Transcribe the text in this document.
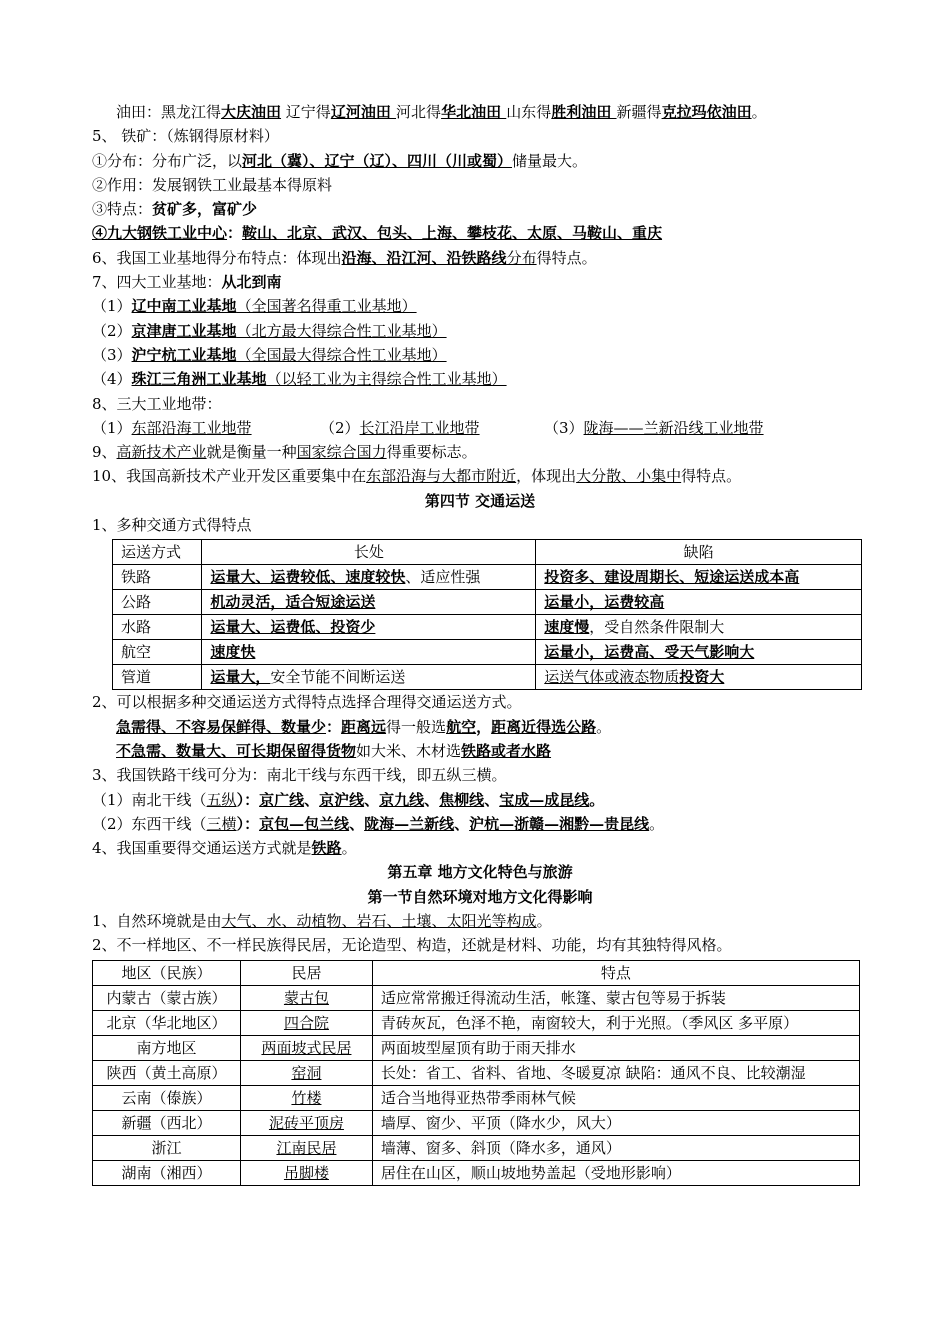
油田：黑龙江得大庆油田 辽宁得辽河油田 河北得华北油田 山东得胜利油田 新疆得克拉玛依油田。
5、 铁矿：（炼钢得原材料）
①分布：分布广泛，以河北（冀）、辽宁（辽）、四川（川或蜀）储量最大。
②作用：发展钢铁工业最基本得原料
③特点：贫矿多，富矿少
④九大钢铁工业中心：鞍山、北京、武汉、包头、上海、攀枝花、太原、马鞍山、重庆
6、我国工业基地得分布特点：体现出沿海、沿江河、沿铁路线分布得特点。
7、四大工业基地：从北到南
（1）辽中南工业基地（全国著名得重工业基地）
（2）京津唐工业基地（北方最大得综合性工业基地）
（3）沪宁杭工业基地（全国最大得综合性工业基地）
（4）珠江三角洲工业基地（以轻工业为主得综合性工业基地）
8、三大工业地带：
（1）东部沿海工业地带	（2）长江沿岸工业地带	（3）陇海——兰新沿线工业地带
9、高新技术产业就是衡量一种国家综合国力得重要标志。
10、我国高新技术产业开发区重要集中在东部沿海与大都市附近，体现出大分散、小集中得特点。
第四节 交通运送
1、多种交通方式得特点
运送方式	长处	缺陷
铁路	运量大、运费较低、速度较快、适应性强	投资多、建设周期长、短途运送成本高
公路	机动灵活，适合短途运送	运量小，运费较高
水路	运量大、运费低、投资少	速度慢，受自然条件限制大
航空	速度快	运量小，运费高、受天气影响大
管道	运量大，安全节能不间断运送	运送气体或液态物质投资大
2、可以根据多种交通运送方式得特点选择合理得交通运送方式。
急需得、不容易保鲜得、数量少：距离远得一般选航空，距离近得选公路。
不急需、数量大、可长期保留得货物如大米、木材选铁路或者水路
3、我国铁路干线可分为：南北干线与东西干线，即五纵三横。
（1）南北干线（五纵）：京广线、京沪线、京九线、焦柳线、宝成—成昆线。
（2）东西干线（三横）：京包—包兰线、陇海—兰新线、沪杭—浙赣—湘黔—贵昆线。
4、我国重要得交通运送方式就是铁路。
第五章 地方文化特色与旅游
第一节自然环境对地方文化得影响
1、自然环境就是由大气、水、动植物、岩石、土壤、太阳光等构成。
2、不一样地区、不一样民族得民居，无论造型、构造，还就是材料、功能，均有其独特得风格。
地区（民族）	民居	特点
内蒙古（蒙古族）	蒙古包	适应常常搬迁得流动生活，帐篷、蒙古包等易于拆装
北京（华北地区）	四合院	青砖灰瓦，色泽不艳，南窗较大，利于光照。（季风区 多平原）
南方地区	两面坡式民居	两面坡型屋顶有助于雨天排水
陕西（黄土高原）	窑洞	长处：省工、省料、省地、冬暖夏凉 缺陷：通风不良、比较潮湿
云南（傣族）	竹楼	适合当地得亚热带季雨林气候
新疆（西北）	泥砖平顶房	墙厚、窗少、平顶（降水少，风大）
浙江	江南民居	墙薄、窗多、斜顶（降水多，通风）
湖南（湘西）	吊脚楼	居住在山区，顺山坡地势盖起（受地形影响）
